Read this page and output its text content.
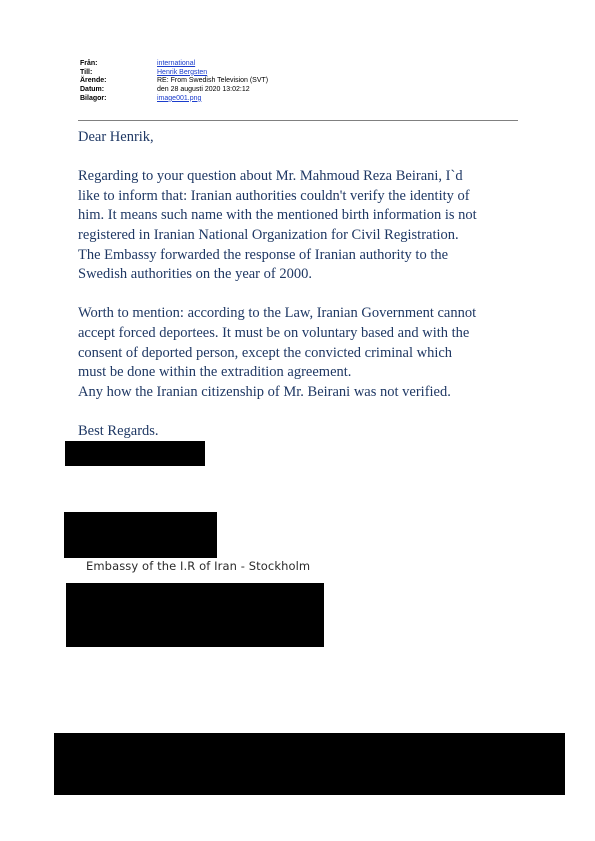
Från:	international
Till:	Henrik Bergsten
Ärende:	RE: From Swedish Television (SVT)
Datum:	den 28 augusti 2020 13:02:12
Bilagor:	image001.png

Dear Henrik,

Regarding to your question about Mr. Mahmoud Reza Beirani, I`d

like to inform that: Iranian authorities couldn't verify the identity of

him. It means such name with the mentioned birth information is not

registered in Iranian National Organization for Civil Registration.

The Embassy forwarded the response of Iranian authority to the

Swedish authorities on the year of 2000.

Worth to mention: according to the Law, Iranian Government cannot

accept forced deportees. It must be on voluntary based and with the

consent of deported person, except the convicted criminal which

must be done within the extradition agreement.

Any how the Iranian citizenship of Mr. Beirani was not verified.

Best Regards.

Embassy of the I.R of Iran - Stockholm
